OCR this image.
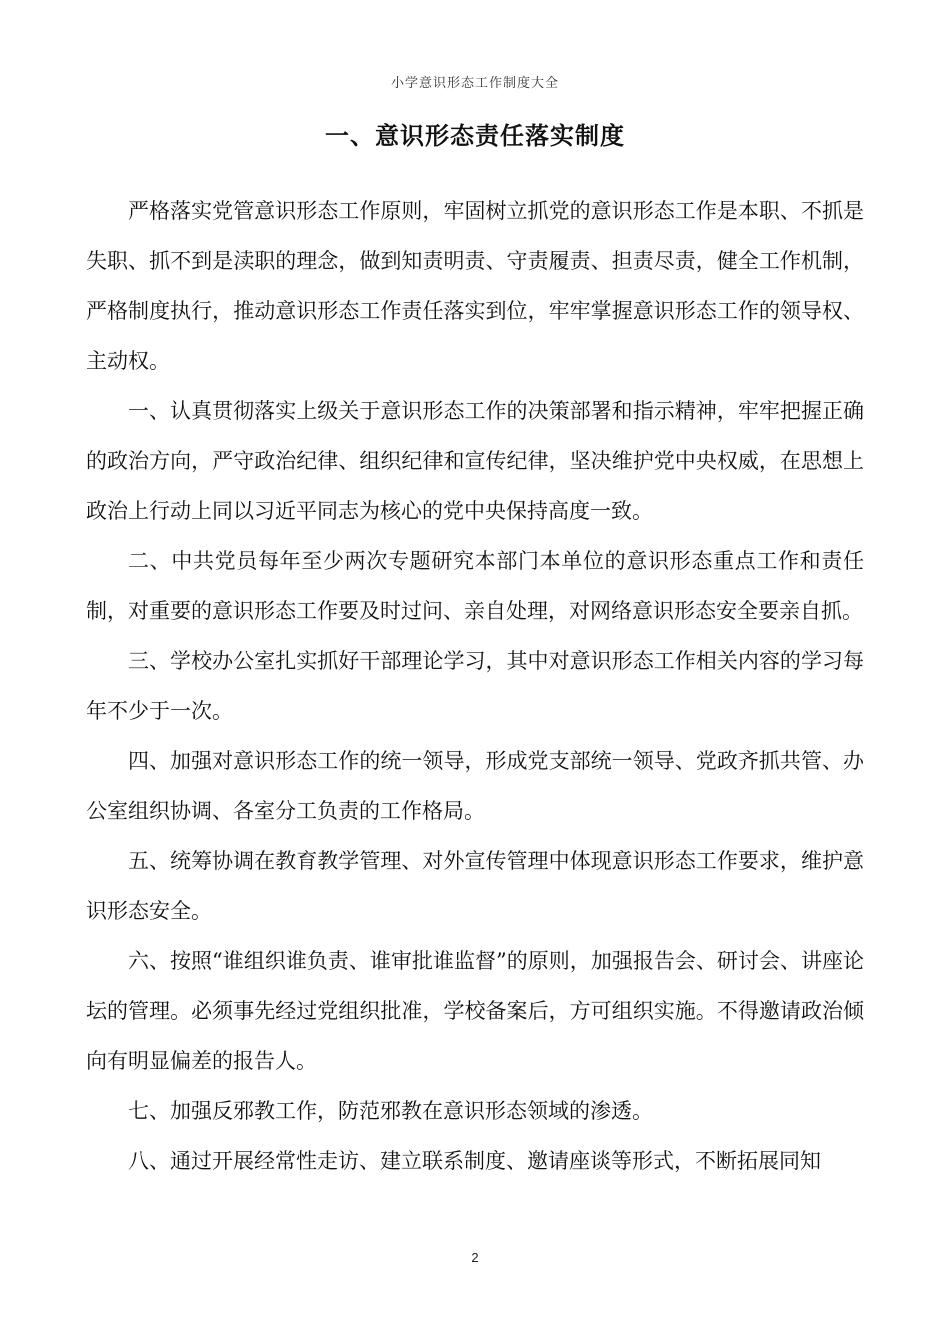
小学意识形态工作制度大全
一、意识形态责任落实制度

严格落实党管意识形态工作原则，牢固树立抓党的意识形态工作是本职、不抓是失职、抓不到是渎职的理念，做到知责明责、守责履责、担责尽责，健全工作机制，严格制度执行，推动意识形态工作责任落实到位，牢牢掌握意识形态工作的领导权、主动权。

一、认真贯彻落实上级关于意识形态工作的决策部署和指示精神，牢牢把握正确的政治方向，严守政治纪律、组织纪律和宣传纪律，坚决维护党中央权威，在思想上政治上行动上同以习近平同志为核心的党中央保持高度一致。

二、中共党员每年至少两次专题研究本部门本单位的意识形态重点工作和责任制，对重要的意识形态工作要及时过问、亲自处理，对网络意识形态安全要亲自抓。

三、学校办公室扎实抓好干部理论学习，其中对意识形态工作相关内容的学习每年不少于一次。

四、加强对意识形态工作的统一领导，形成党支部统一领导、党政齐抓共管、办公室组织协调、各室分工负责的工作格局。

五、统筹协调在教育教学管理、对外宣传管理中体现意识形态工作要求，维护意识形态安全。

六、按照“谁组织谁负责、谁审批谁监督”的原则，加强报告会、研讨会、讲座论坛的管理。必须事先经过党组织批准，学校备案后，方可组织实施。不得邀请政治倾向有明显偏差的报告人。

七、加强反邪教工作，防范邪教在意识形态领域的渗透。

八、通过开展经常性走访、建立联系制度、邀请座谈等形式，不断拓展同知

2
